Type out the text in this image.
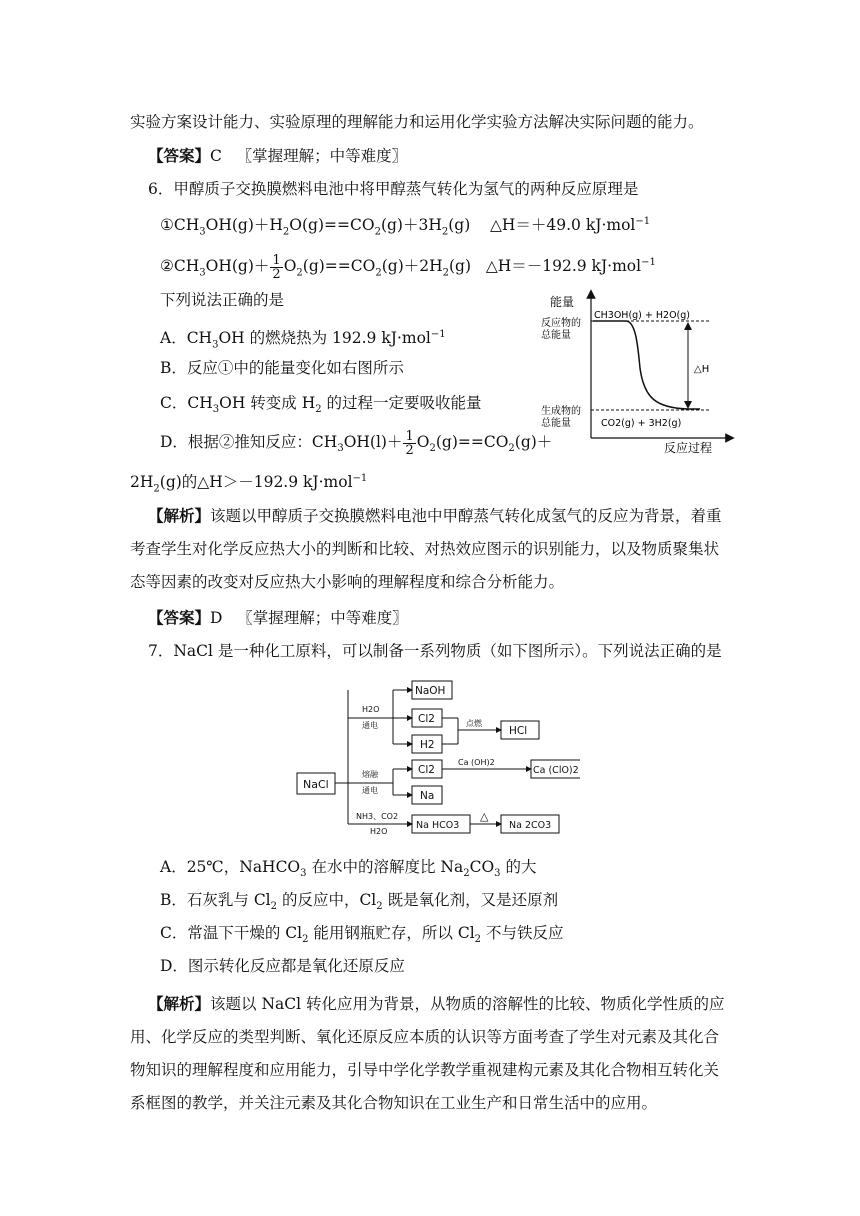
实验方案设计能力、实验原理的理解能力和运用化学实验方法解决实际问题的能力。
【答案】C 〖掌握理解；中等难度〗
6．甲醇质子交换膜燃料电池中将甲醇蒸气转化为氢气的两种反应原理是
$①CH_3OH(g)+H_2O(g)==CO_2(g)+3H_2(g)$ △H＝＋49.0 kJ·mol$^{-1}$
$②CH_3OH(g)+ \frac{1}{2} O_2(g)==CO_2(g)+2H_2(g)$ △H＝－192.9 kJ·mol$^{-1}$
下列说法正确的是
A．$CH_3OH$ 的燃烧热为 192.9 kJ·mol$^{-1}$
B．反应①中的能量变化如右图所示
C．$CH_3OH$ 转变成 $H_2$ 的过程一定要吸收能量
D．根据②推知反应：$CH_3OH(l)+ \frac{1}{2} O_2(g)==CO_2(g)+$
$2H_2(g)$的△H＞－192.9 kJ·mol$^{-1}$
能量
反应过程
反应物的
总能量
生成物的
总能量
CH3OH(g) + H2O(g)
CO2(g) + 3H2(g)
△H
【解析】该题以甲醇质子交换膜燃料电池中甲醇蒸气转化成氢气的反应为背景，着重考查学生对化学反应热大小的判断和比较、对热效应图示的识别能力，以及物质聚集状态等因素的改变对反应热大小影响的理解程度和综合分析能力。
【答案】D 〖掌握理解；中等难度〗
7．NaCl 是一种化工原料，可以制备一系列物质（如下图所示）。下列说法正确的是
NaCl
NaOH
Cl2
H2
HCl
Cl2	Ca (ClO)2
Na
Na HCO3	Na 2CO3
H2O
通电	点燃
熔融
通电
Ca (OH)2
NH3、CO2
H2O
△
A．25℃，NaHCO$_3$ 在水中的溶解度比 $Na_2CO_3$ 的大
B．石灰乳与 $Cl_2$ 的反应中，$Cl_2$ 既是氧化剂，又是还原剂
C．常温下干燥的 $Cl_2$ 能用钢瓶贮存，所以 $Cl_2$ 不与铁反应
D．图示转化反应都是氧化还原反应
【解析】该题以 NaCl 转化应用为背景，从物质的溶解性的比较、物质化学性质的应用、化学反应的类型判断、氧化还原反应本质的认识等方面考查了学生对元素及其化合物知识的理解程度和应用能力，引导中学化学教学重视建构元素及其化合物相互转化关系框图的教学，并关注元素及其化合物知识在工业生产和日常生活中的应用。
